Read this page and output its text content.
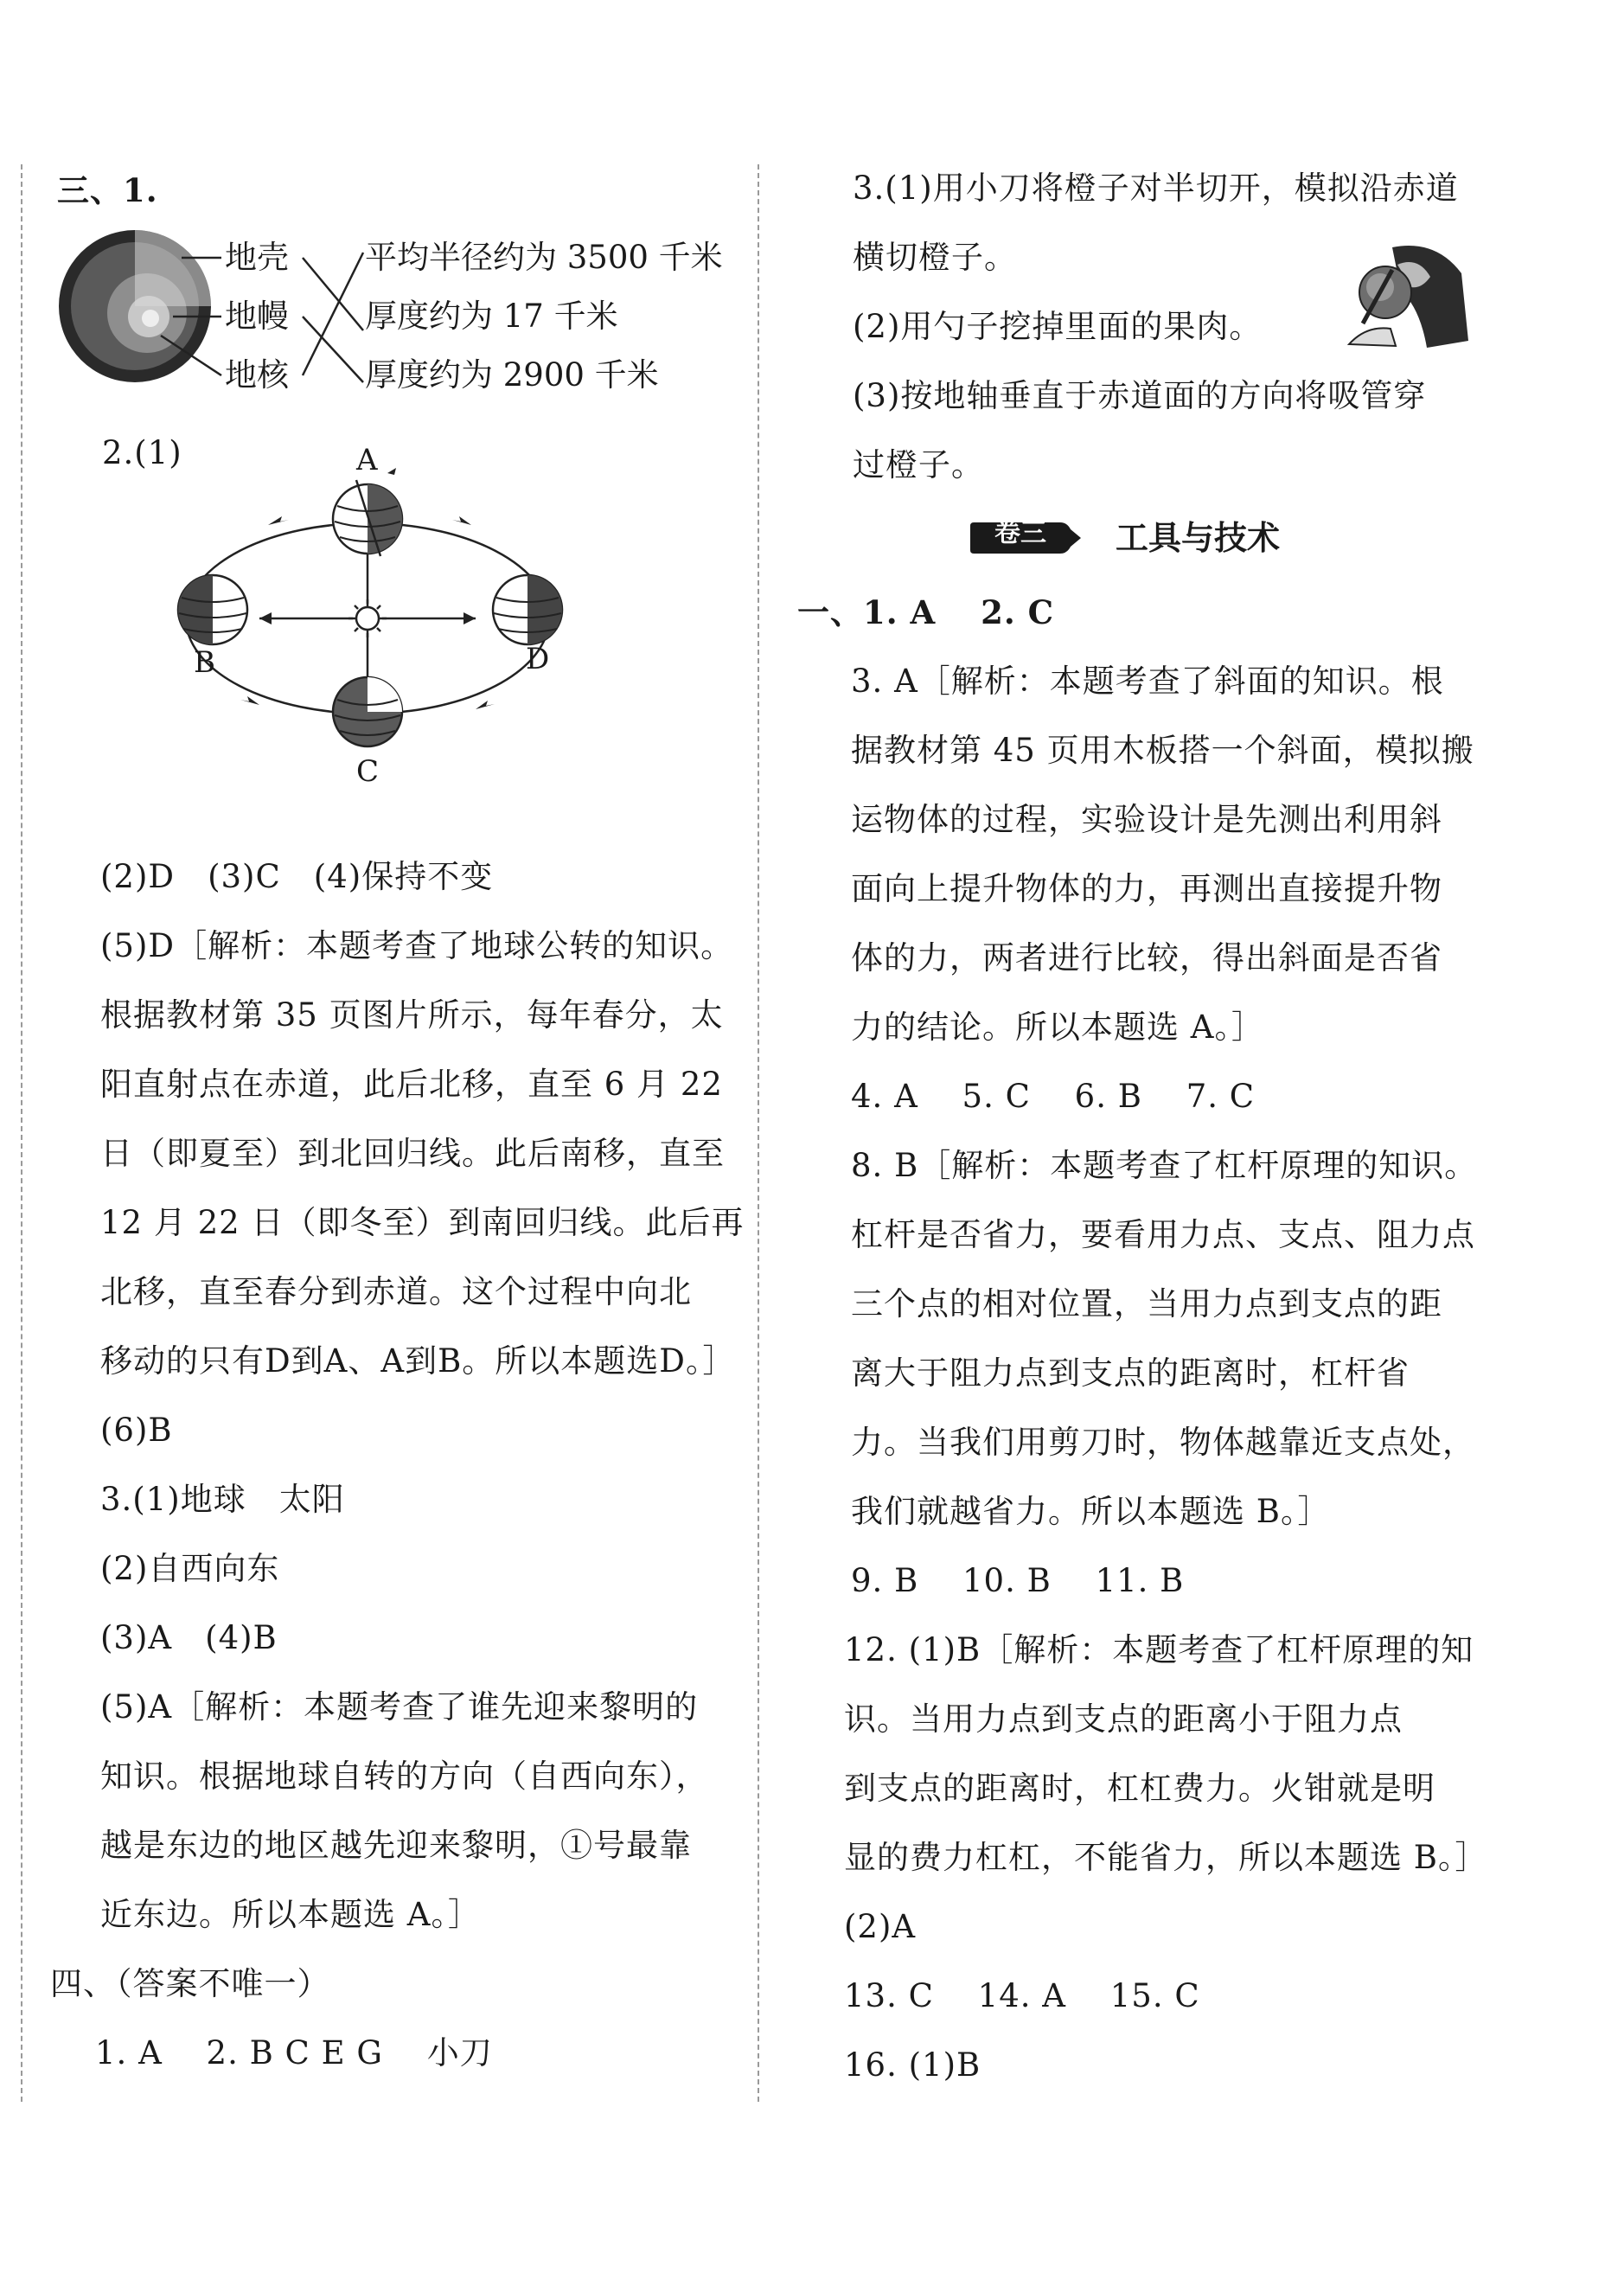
三、1.
地壳
地幔
地核
平均半径约为 3500 千米
厚度约为 17 千米
厚度约为 2900 千米
2.(1)	A
B
C
D
(2)D　(3)C　(4)保持不变
(5)D［解析：本题考查了地球公转的知识。
根据教材第 35 页图片所示，每年春分，太
阳直射点在赤道，此后北移，直至 6 月 22
日（即夏至）到北回归线。此后南移，直至
12 月 22 日（即冬至）到南回归线。此后再
北移，直至春分到赤道。这个过程中向北
移动的只有D到A、A到B。所以本题选D。］
(6)B
3.(1)地球　太阳
(2)自西向东
(3)A　(4)B
(5)A［解析：本题考查了谁先迎来黎明的
知识。根据地球自转的方向（自西向东），
越是东边的地区越先迎来黎明，①号最靠
近东边。所以本题选 A。］
四、（答案不唯一）
1. A　 2. B C E G　 小刀
3.(1)用小刀将橙子对半切开，模拟沿赤道
横切橙子。
(2)用勺子挖掉里面的果肉。
(3)按地轴垂直于赤道面的方向将吸管穿
过橙子。
卷三	工具与技术
一、1. A　 2. C
3. A［解析：本题考查了斜面的知识。根
据教材第 45 页用木板搭一个斜面，模拟搬
运物体的过程，实验设计是先测出利用斜
面向上提升物体的力，再测出直接提升物
体的力，两者进行比较，得出斜面是否省
力的结论。所以本题选 A。］
4. A　 5. C　 6. B　 7. C
8. B［解析：本题考查了杠杆原理的知识。
杠杆是否省力，要看用力点、支点、阻力点
三个点的相对位置，当用力点到支点的距
离大于阻力点到支点的距离时，杠杆省
力。当我们用剪刀时，物体越靠近支点处，
我们就越省力。所以本题选 B。］
9. B　 10. B　 11. B
12. (1)B［解析：本题考查了杠杆原理的知
识。当用力点到支点的距离小于阻力点
到支点的距离时，杠杠费力。火钳就是明
显的费力杠杠，不能省力，所以本题选 B。］
(2)A
13. C　 14. A　 15. C
16. (1)B
